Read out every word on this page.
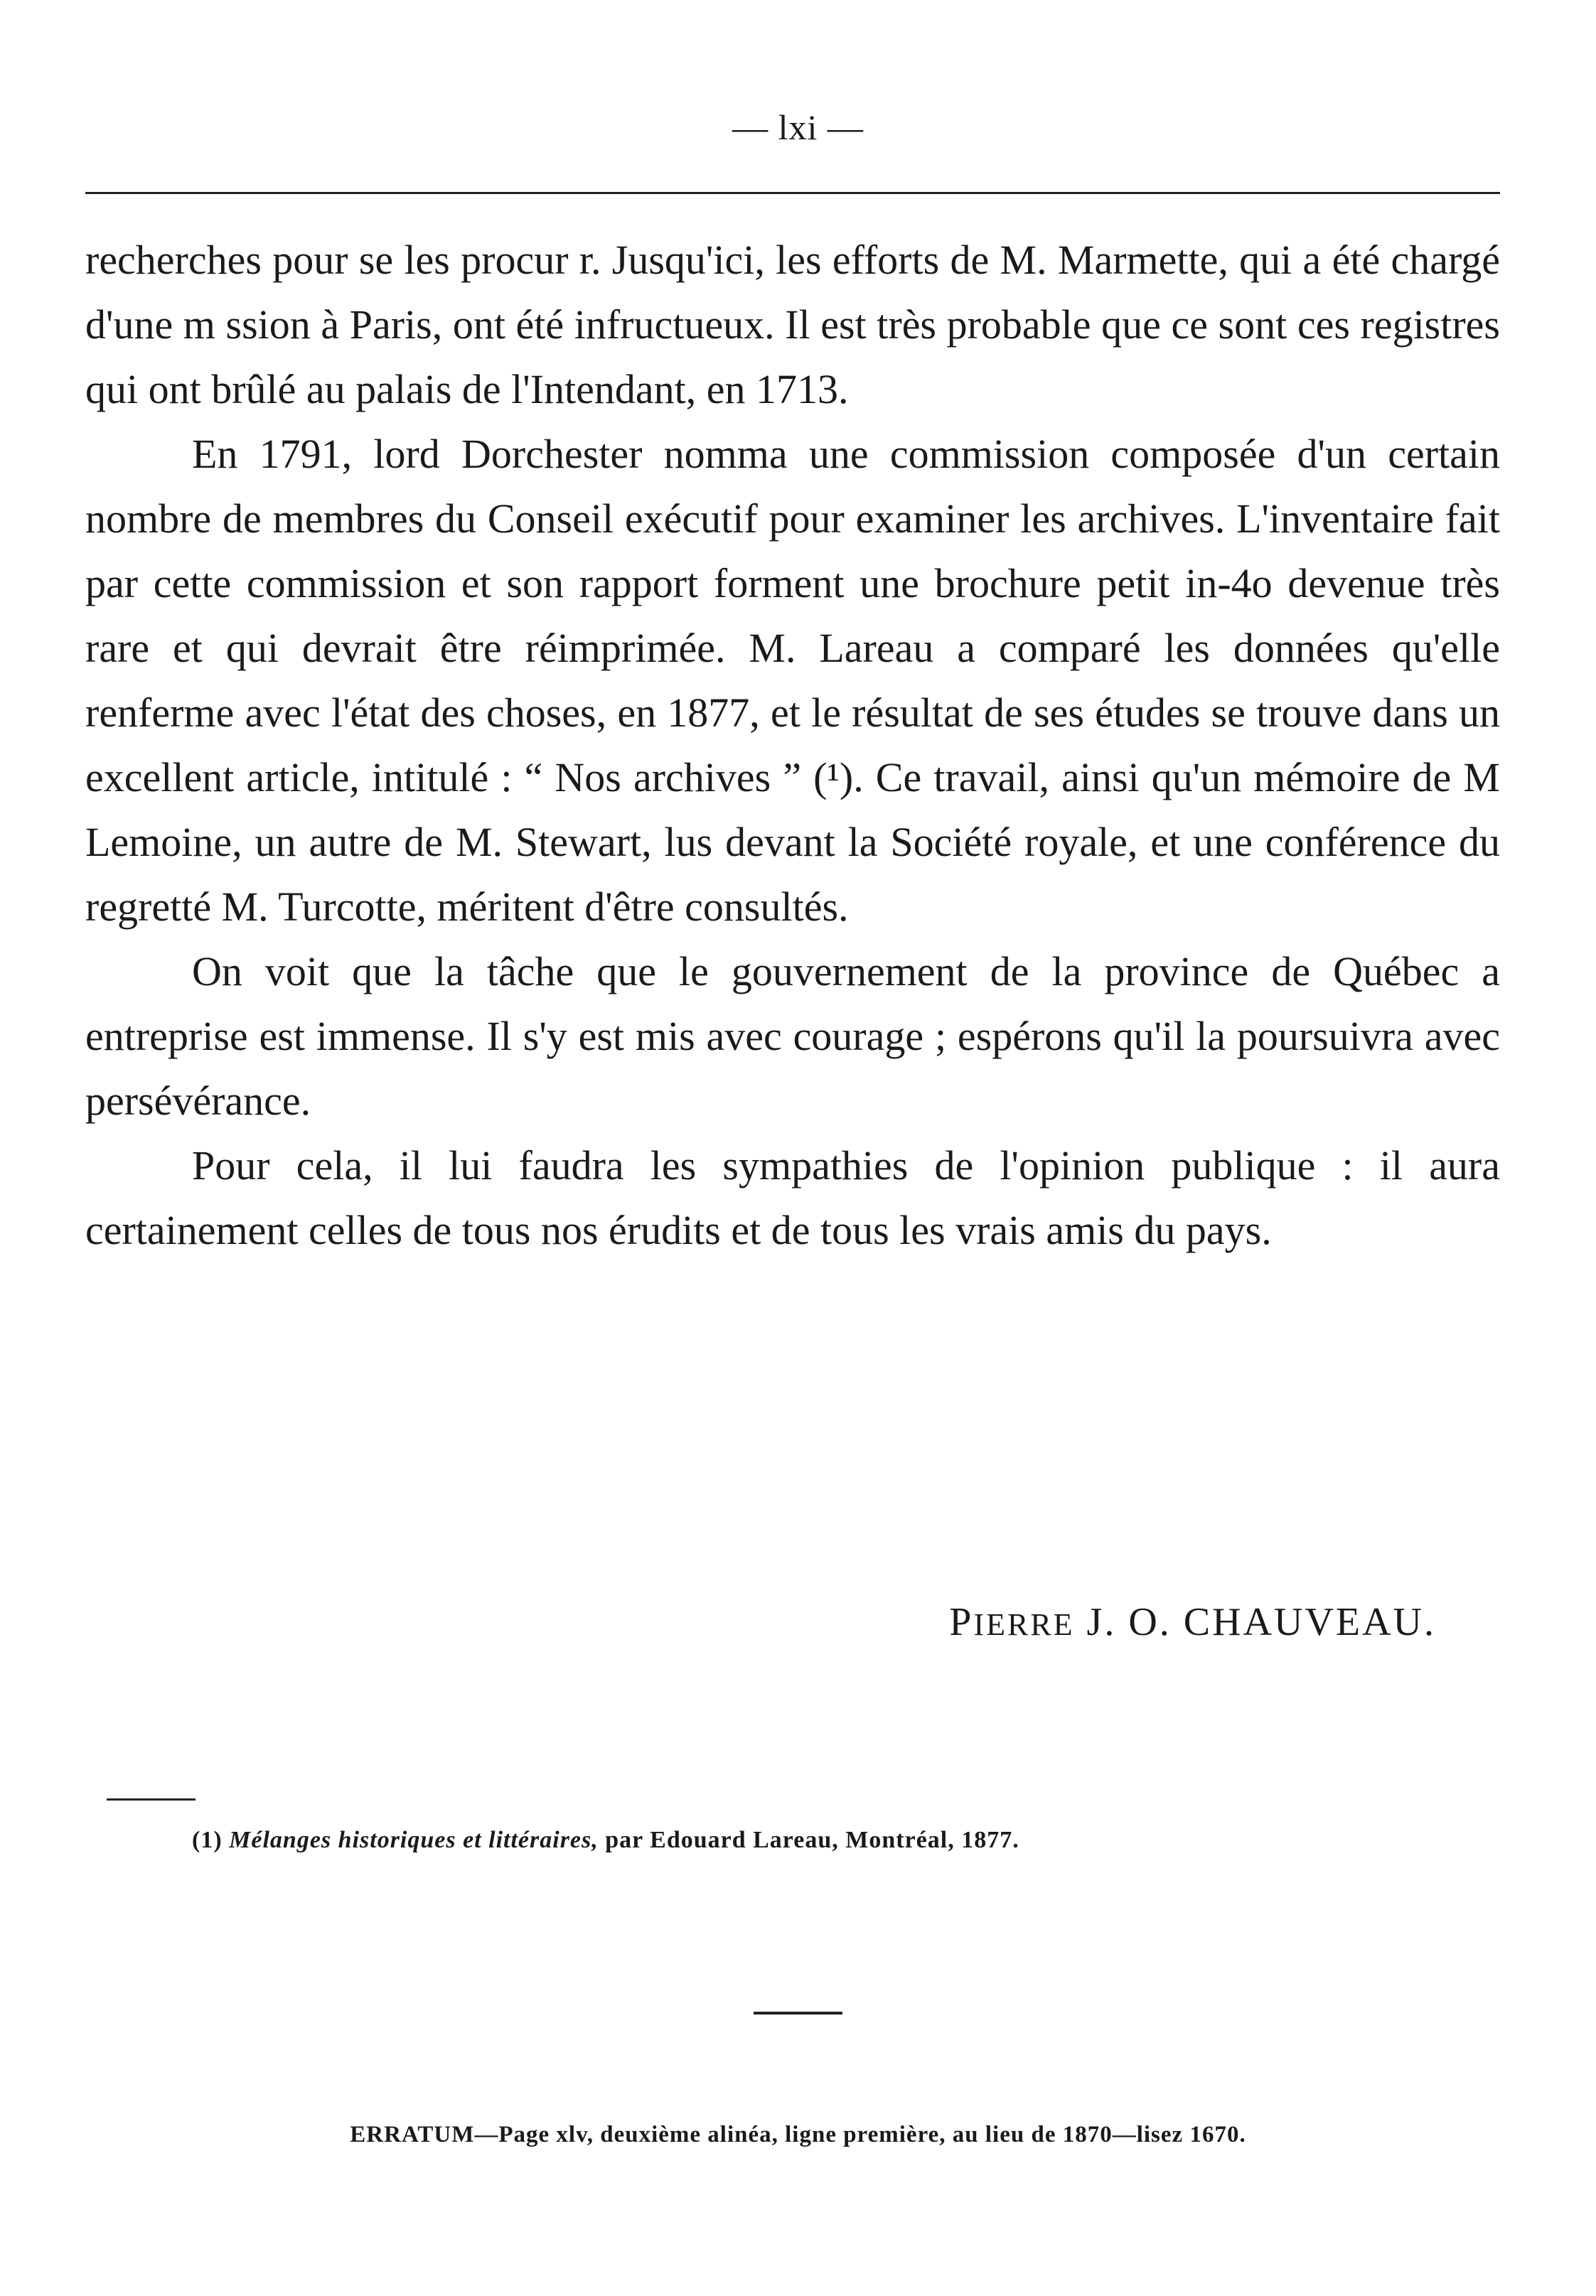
— lxi —

recherches pour se les procur r. Jusqu'ici, les efforts de M. Marmette, qui a été chargé d'une m ssion à Paris, ont été infructueux. Il est très probable que ce sont ces registres qui ont brûlé au palais de l'Intendant, en 1713.

En 1791, lord Dorchester nomma une commission composée d'un certain nombre de membres du Conseil exécutif pour examiner les archives. L'inventaire fait par cette commission et son rapport forment une brochure petit in-4o devenue très rare et qui devrait être réimprimée. M. Lareau a comparé les données qu'elle renferme avec l'état des choses, en 1877, et le résultat de ses études se trouve dans un excellent article, intitulé : “ Nos archives ” (¹). Ce travail, ainsi qu'un mémoire de M Lemoine, un autre de M. Stewart, lus devant la Société royale, et une conférence du regretté M. Turcotte, méritent d'être consultés.

On voit que la tâche que le gouvernement de la province de Québec a entreprise est immense. Il s'y est mis avec courage ; espérons qu'il la poursuivra avec persévérance.

Pour cela, il lui faudra les sympathies de l'opinion publique : il aura certainement celles de tous nos érudits et de tous les vrais amis du pays.

PIERRE J. O. CHAUVEAU.
(1) Mélanges historiques et littéraires, par Edouard Lareau, Montréal, 1877.
ERRATUM—Page xlv, deuxième alinéa, ligne première, au lieu de 1870—lisez 1670.
